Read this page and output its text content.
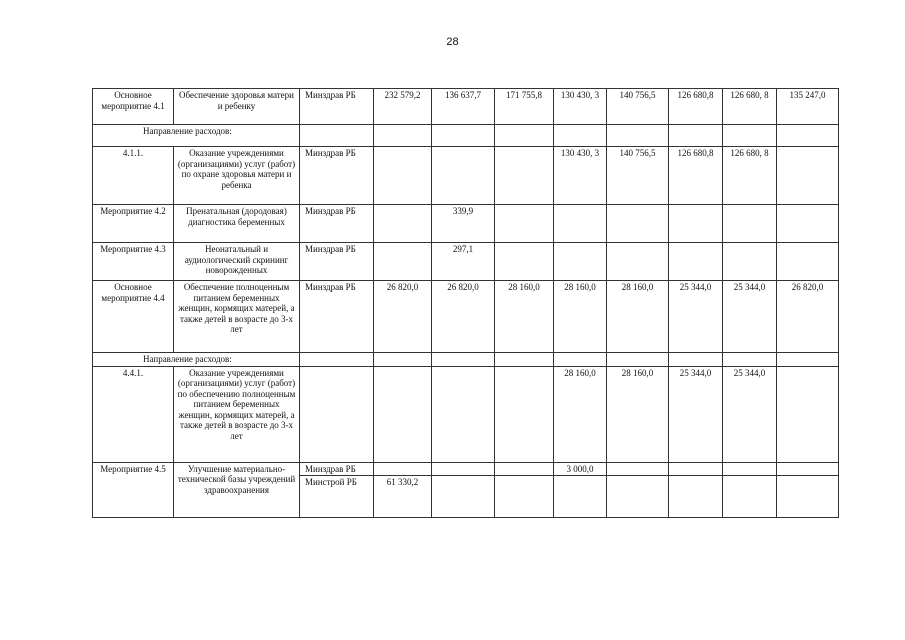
28
Основное мероприятие 4.1	Обеспечение здоровья матери и ребенку	Минздрав РБ	232 579,2	136 637,7	171 755,8	130 430, 3	140 756,5	126 680,8	126 680, 8	135 247,0
Направление расходов:										
4.1.1.	Оказание учреждениями (организациями) услуг (работ) по охране здоровья матери и ребенка	Минздрав РБ				130 430, 3	140 756,5	126 680,8	126 680, 8	
Мероприятие 4.2	Пренатальная (дородовая) диагностика беременных	Минздрав РБ		339,9						
Мероприятие 4.3	Неонатальный и аудиологический скрининг новорожденных	Минздрав РБ		297,1						
Основное мероприятие 4.4	Обеспечение полноценным питанием беременных женщин, кормящих матерей, а также детей в возрасте до 3-х лет	Минздрав РБ	26 820,0	26 820,0	28 160,0	28 160,0	28 160,0	25 344,0	25 344,0	26 820,0
Направление расходов:										
4.4.1.	Оказание учреждениями (организациями) услуг (работ) по обеспечению полноценным питанием беременных женщин, кормящих матерей, а также детей в возрасте до 3-х лет					28 160,0	28 160,0	25 344,0	25 344,0	
Мероприятие 4.5	Улучшение материально-технической базы учреждений здравоохранения	Минздрав РБ				3 000,0				
		Минстрой РБ	61 330,2							
